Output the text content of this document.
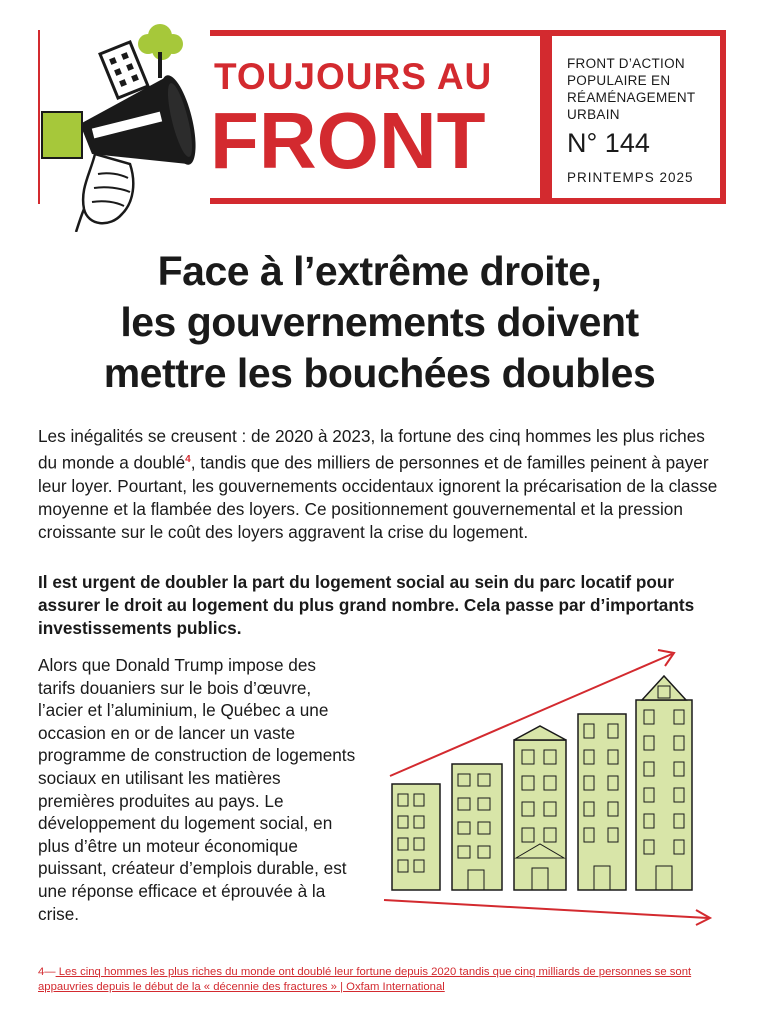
TOUJOURS AU
FRONT
FRONT D’ACTION POPULAIRE EN RÉAMÉNAGEMENT URBAIN
N° 144
PRINTEMPS 2025
Face à l’extrême droite,
les gouvernements doivent
mettre les bouchées doubles
Les inégalités se creusent : de 2020 à 2023, la fortune des cinq hommes les plus riches du monde a doublé$^4$, tandis que des milliers de personnes et de familles peinent à payer leur loyer. Pourtant, les gouvernements occidentaux ignorent la précarisation de la classe moyenne et la flambée des loyers. Ce positionnement gouvernemental et la pression croissante sur le coût des loyers aggravent la crise du logement.
Il est urgent de doubler la part du logement social au sein du parc locatif pour assurer le droit au logement du plus grand nombre. Cela passe par d’importants investissements publics.
Alors que Donald Trump impose des tarifs douaniers sur le bois d’œuvre, l’acier et l’aluminium, le Québec a une occasion en or de lancer un vaste programme de construction de logements sociaux en utilisant les matières premières produites au pays. Le développement du logement social, en plus d’être un moteur économique puissant, créateur d’emplois durable, est une réponse efficace et éprouvée à la crise.
4— Les cinq hommes les plus riches du monde ont doublé leur fortune depuis 2020 tandis que cinq milliards de personnes se sont appauvries depuis le début de la « décennie des fractures » | Oxfam International
